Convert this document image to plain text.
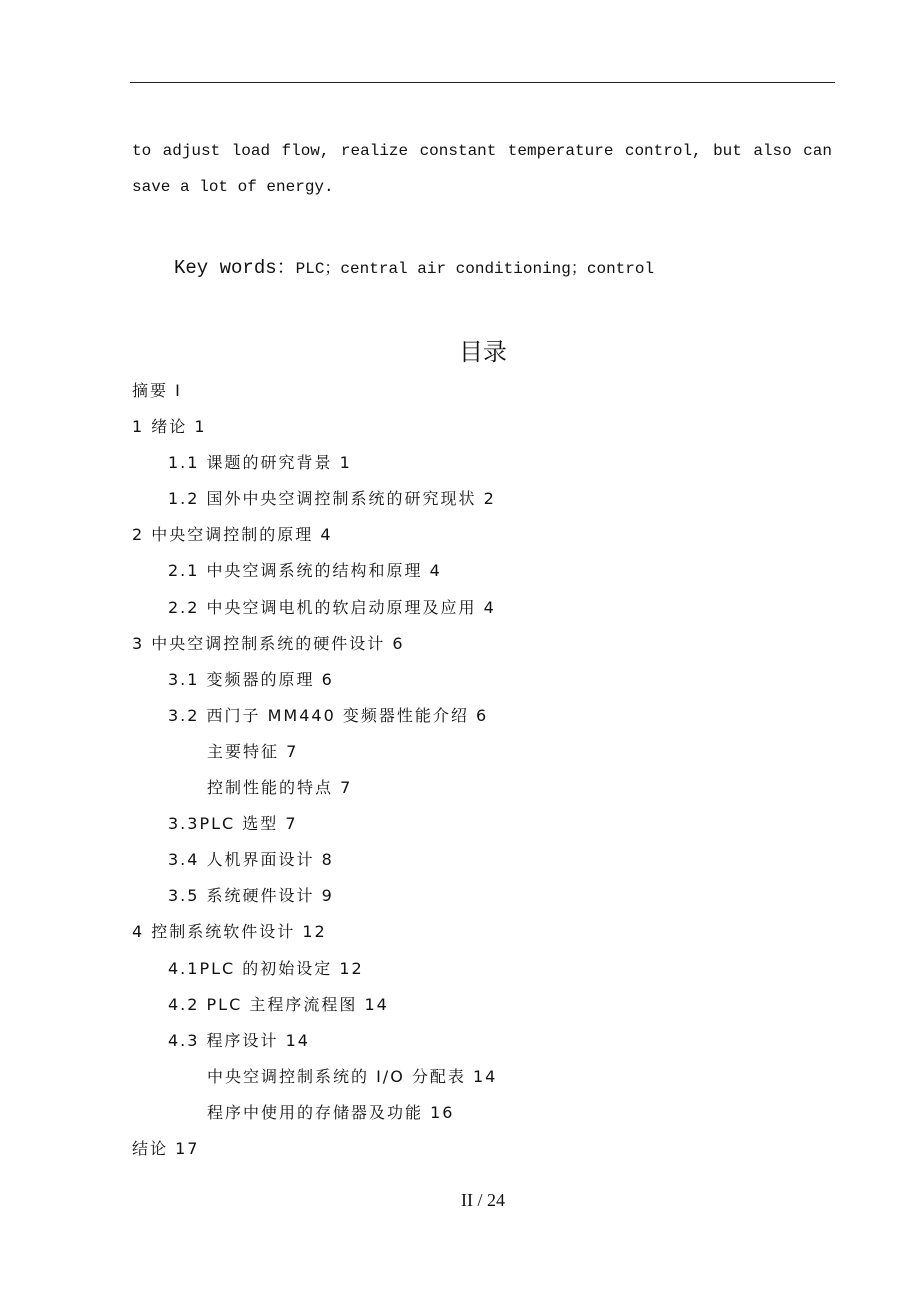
to adjust load flow, realize constant temperature control, but also can
save a lot of energy.
Key words：PLC；central air conditioning；control
目录
摘要 I
1 绪论 1
1.1 课题的研究背景 1
1.2 国外中央空调控制系统的研究现状 2
2 中央空调控制的原理 4
2.1 中央空调系统的结构和原理 4
2.2 中央空调电机的软启动原理及应用 4
3 中央空调控制系统的硬件设计 6
3.1 变频器的原理 6
3.2 西门子 MM440 变频器性能介绍 6
主要特征 7
控制性能的特点 7
3.3PLC 选型 7
3.4 人机界面设计 8
3.5 系统硬件设计 9
4 控制系统软件设计 12
4.1PLC 的初始设定 12
4.2 PLC 主程序流程图 14
4.3 程序设计 14
中央空调控制系统的 I/O 分配表 14
程序中使用的存储器及功能 16
结论 17
II / 24
